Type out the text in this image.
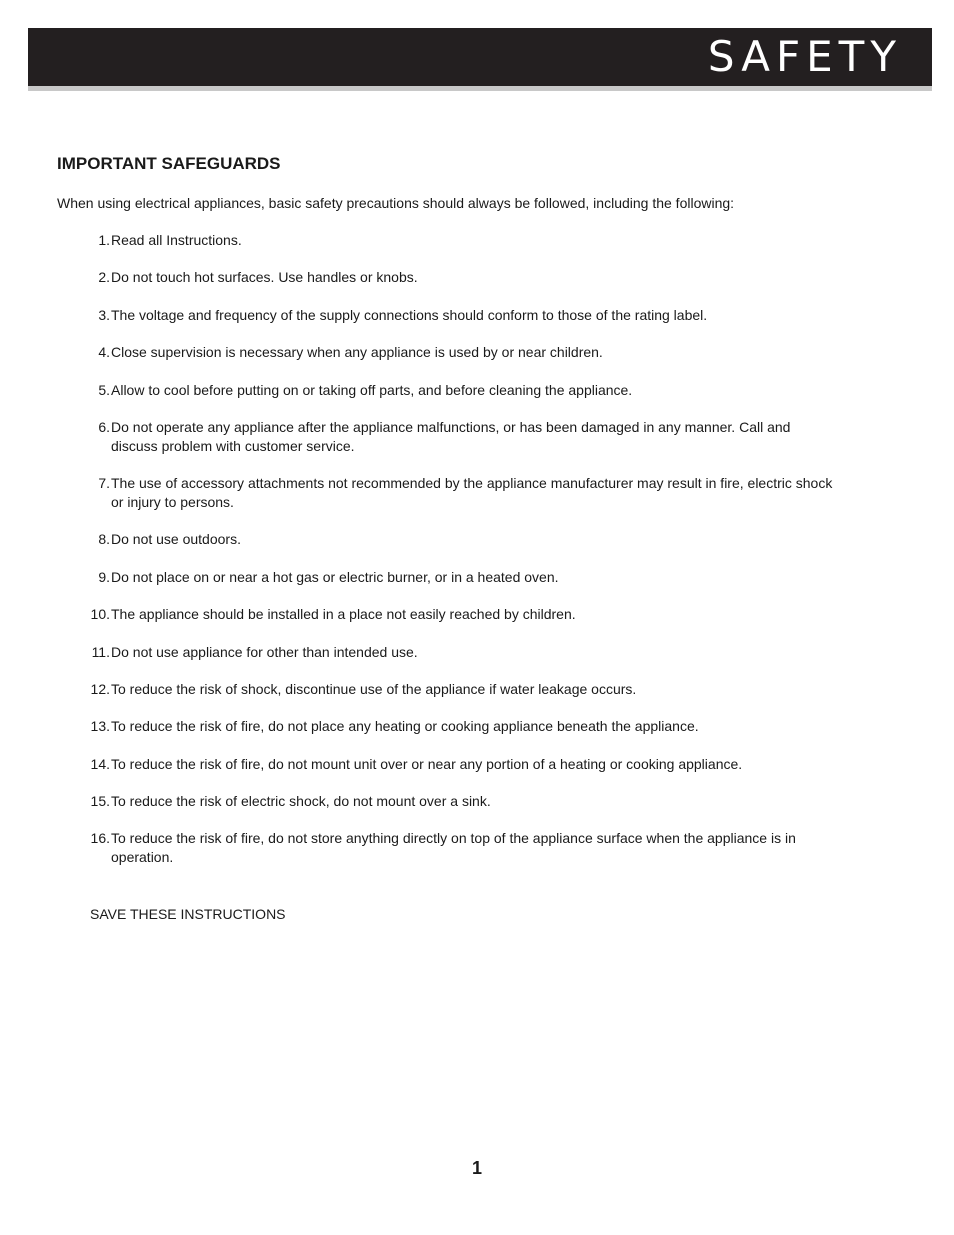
SAFETY
IMPORTANT SAFEGUARDS

When using electrical appliances, basic safety precautions should always be followed, including the following:

1. Read all Instructions.
2. Do not touch hot surfaces. Use handles or knobs.
3. The voltage and frequency of the supply connections should conform to those of the rating label.
4. Close supervision is necessary when any appliance is used by or near children.
5. Allow to cool before putting on or taking off parts, and before cleaning the appliance.
6. Do not operate any appliance after the appliance malfunctions, or has been damaged in any manner. Call and discuss problem with customer service.
7. The use of accessory attachments not recommended by the appliance manufacturer may result in fire, electric shock or injury to persons.
8. Do not use outdoors.
9. Do not place on or near a hot gas or electric burner, or in a heated oven.
10. The appliance should be installed in a place not easily reached by children.
11. Do not use appliance for other than intended use.
12. To reduce the risk of shock, discontinue use of the appliance if water leakage occurs.
13. To reduce the risk of fire, do not place any heating or cooking appliance beneath the appliance.
14. To reduce the risk of fire, do not mount unit over or near any portion of a heating or cooking appliance.
15. To reduce the risk of electric shock, do not mount over a sink.
16. To reduce the risk of fire, do not store anything directly on top of the appliance surface when the appliance is in operation.

SAVE THESE INSTRUCTIONS

1
